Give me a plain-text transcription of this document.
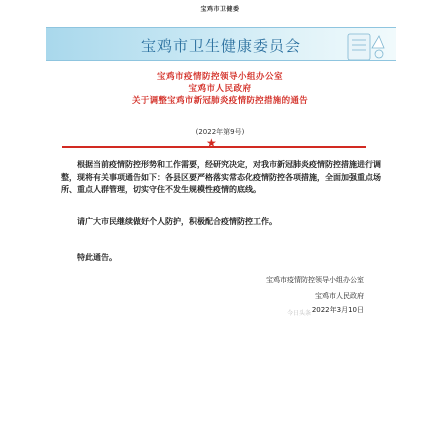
宝鸡市卫健委
宝鸡市卫生健康委员会
宝鸡市疫情防控领导小组办公室
宝鸡市人民政府
关于调整宝鸡市新冠肺炎疫情防控措施的通告
(2022年第9号)
★
根据当前疫情防控形势和工作需要，经研究决定，对我市新冠肺炎疫情防控措施进行调整，现将有关事项通告如下：各县区要严格落实常态化疫情防控各项措施，全面加强重点场所、重点人群管理，切实守住不发生规模性疫情的底线。
请广大市民继续做好个人防护，积极配合疫情防控工作。
特此通告。
宝鸡市疫情防控领导小组办公室
宝鸡市人民政府
2022年3月10日
今日头条
